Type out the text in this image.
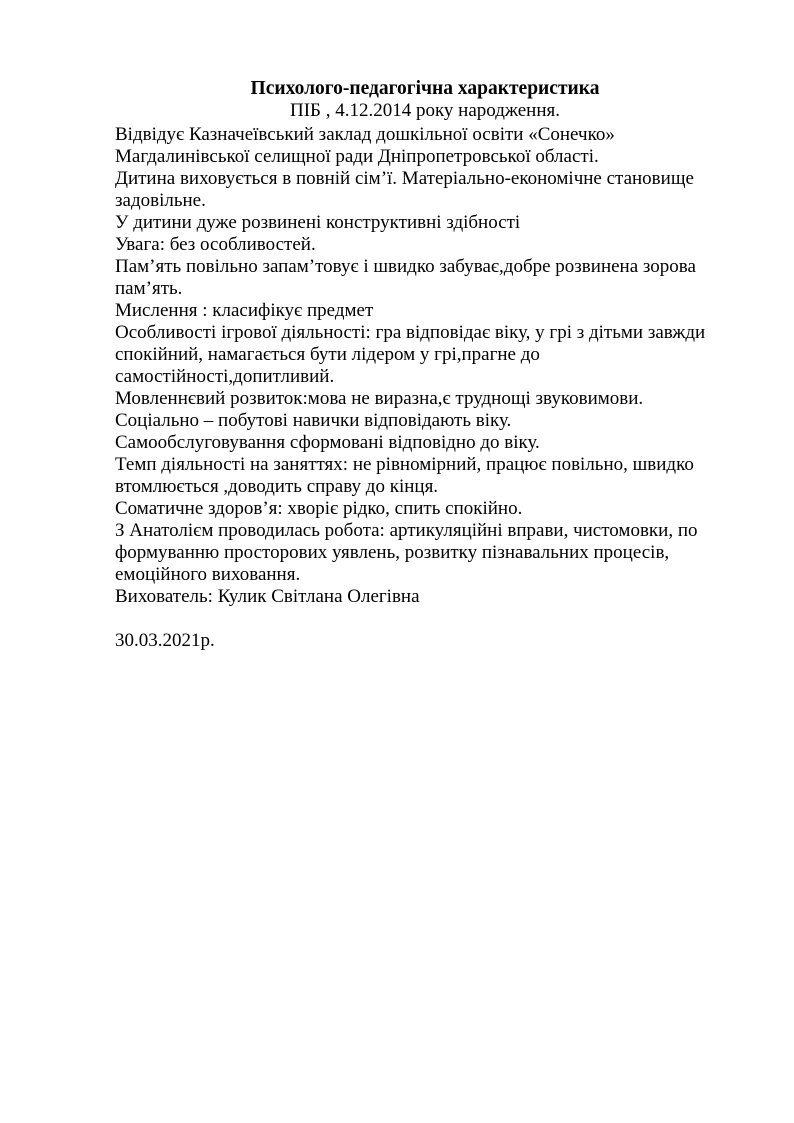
Психолого-педагогічна характеристика
ПІБ , 4.12.2014 року народження.
Відвідує Казначеївський заклад дошкільної освіти «Сонечко»
Магдалинівської селищної ради Дніпропетровської області.
Дитина виховується в повній сім’ї. Матеріально-економічне становище
задовільне.
У дитини дуже розвинені конструктивні здібності
Увага: без особливостей.
Пам’ять повільно запам’товує і швидко забуває,добре розвинена зорова
пам’ять.
Мислення : класифікує предмет
Особливості ігрової діяльності: гра відповідає віку, у грі з дітьми завжди
спокійний, намагається бути лідером у грі,прагне до
самостійності,допитливий.
Мовленнєвий розвиток:мова не виразна,є труднощі звуковимови.
Соціально – побутові навички відповідають віку.
Самообслуговування сформовані відповідно до віку.
Темп діяльності на заняттях: не рівномірний, працює повільно, швидко
втомлюється ,доводить справу до кінця.
Соматичне здоров’я: хворіє рідко, спить спокійно.
З Анатолієм проводилась робота: артикуляційні вправи, чистомовки, по
формуванню просторових уявлень, розвитку пізнавальних процесів,
емоційного виховання.
Вихователь: Кулик Світлана Олегівна
30.03.2021р.
